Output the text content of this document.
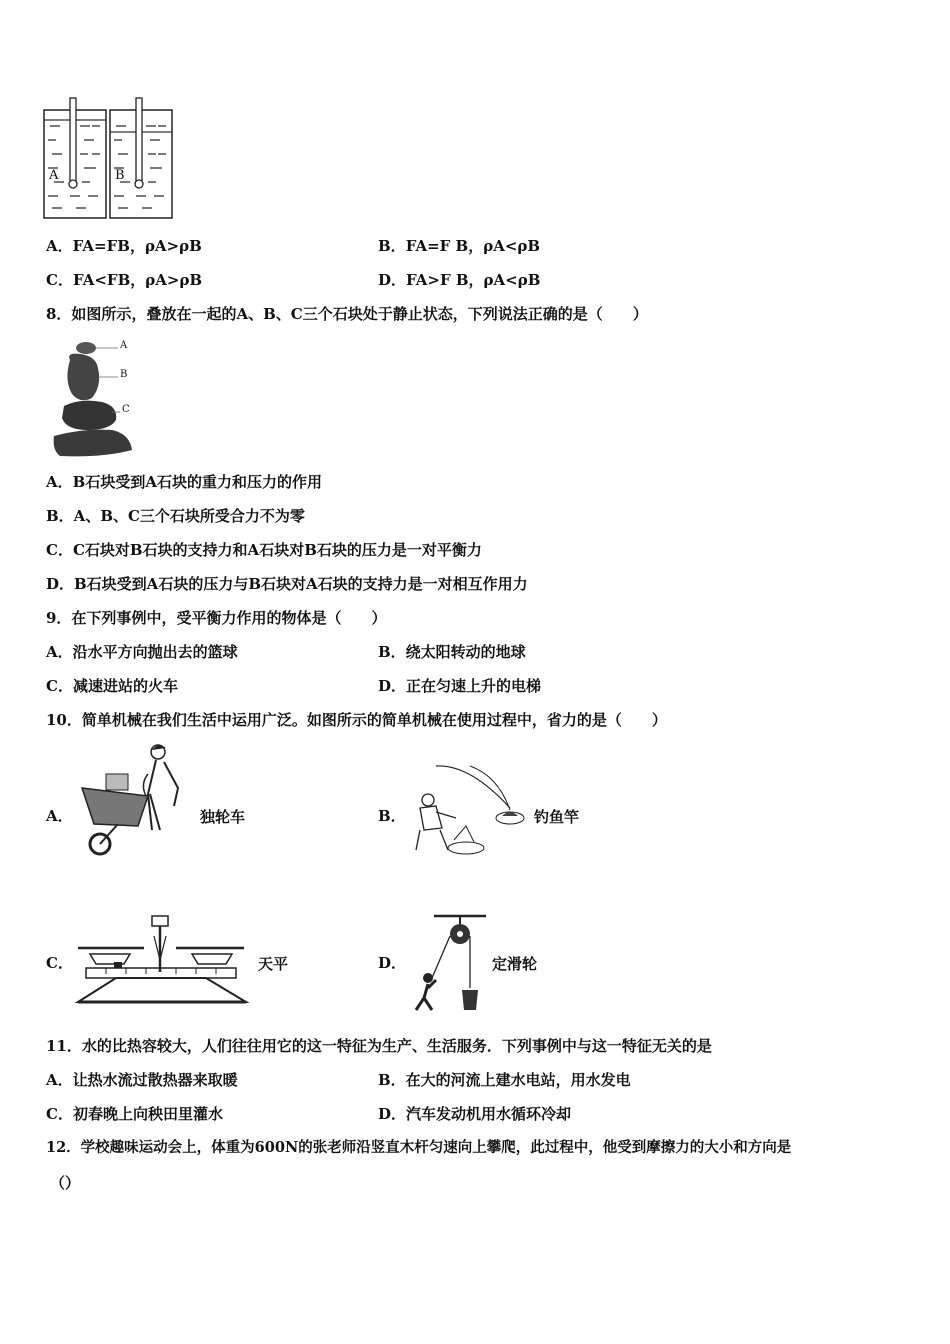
A	B
A．FA=FB，ρA>ρB	B．FA=F B，ρA<ρB
C．FA<FB，ρA>ρB	D．FA>F B，ρA<ρB
8．如图所示，叠放在一起的A、B、C三个石块处于静止状态，下列说法正确的是（　　）
A
B
C
A．B石块受到A石块的重力和压力的作用
B．A、B、C三个石块所受合力不为零
C．C石块对B石块的支持力和A石块对B石块的压力是一对平衡力
D．B石块受到A石块的压力与B石块对A石块的支持力是一对相互作用力
9．在下列事例中，受平衡力作用的物体是（　　）
A．沿水平方向抛出去的篮球	B．绕太阳转动的地球
C．减速进站的火车	D．正在匀速上升的电梯
10．简单机械在我们生活中运用广泛。如图所示的简单机械在使用过程中，省力的是（　　）
A．	独轮车	B．	钓鱼竿
C．	天平	D．	定滑轮
11．水的比热容较大，人们往往用它的这一特征为生产、生活服务．下列事例中与这一特征无关的是
A．让热水流过散热器来取暖	B．在大的河流上建水电站，用水发电
C．初春晚上向秧田里灌水	D．汽车发动机用水循环冷却
12．学校趣味运动会上，体重为600N的张老师沿竖直木杆匀速向上攀爬，此过程中，他受到摩擦力的大小和方向是
（）
